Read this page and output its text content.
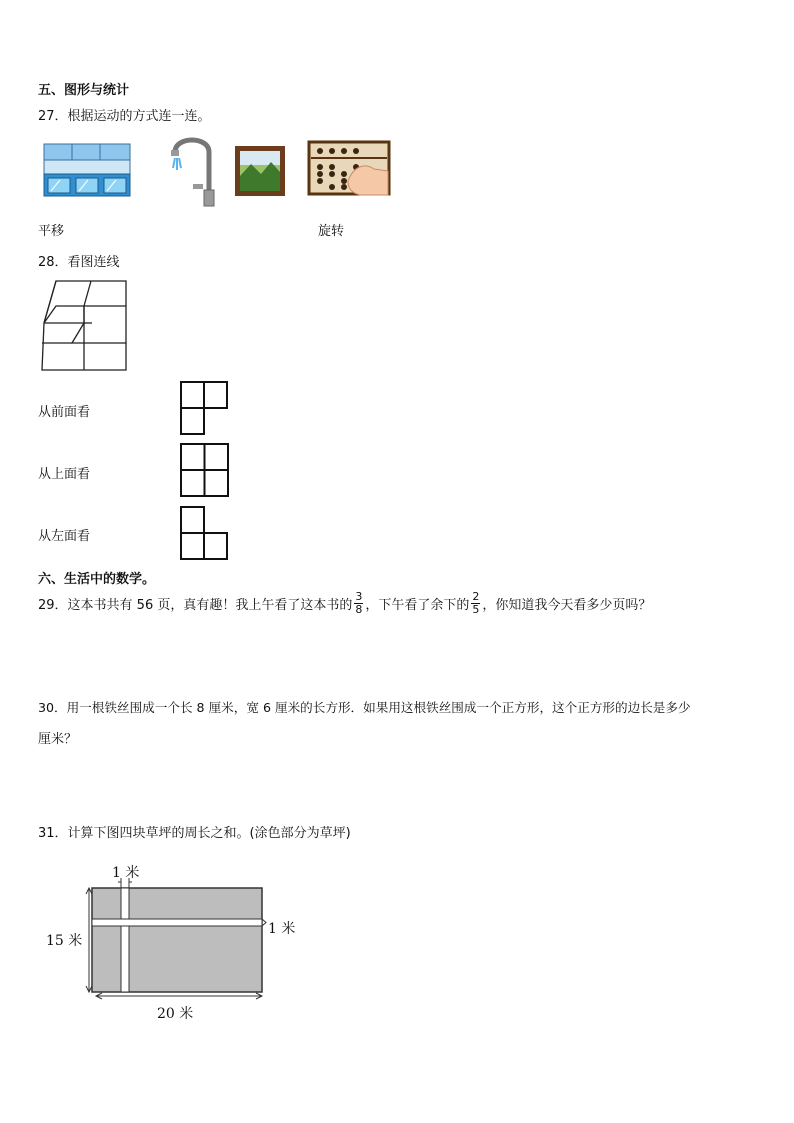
五、图形与统计
27．根据运动的方式连一连。
平移	旋转
28．看图连线
从前面看
从上面看
从左面看
六、生活中的数学。
29．这本书共有 56 页，真有趣！我上午看了这本书的 $\frac{3}{8}$ ，下午看了余下的 $\frac{2}{5}$ ，你知道我今天看多少页吗？
30．用一根铁丝围成一个长 8 厘米，宽 6 厘米的长方形．如果用这根铁丝围成一个正方形，这个正方形的边长是多少
厘米？
31．计算下图四块草坪的周长之和。(涂色部分为草坪)
1 米
1 米
15 米
20 米
